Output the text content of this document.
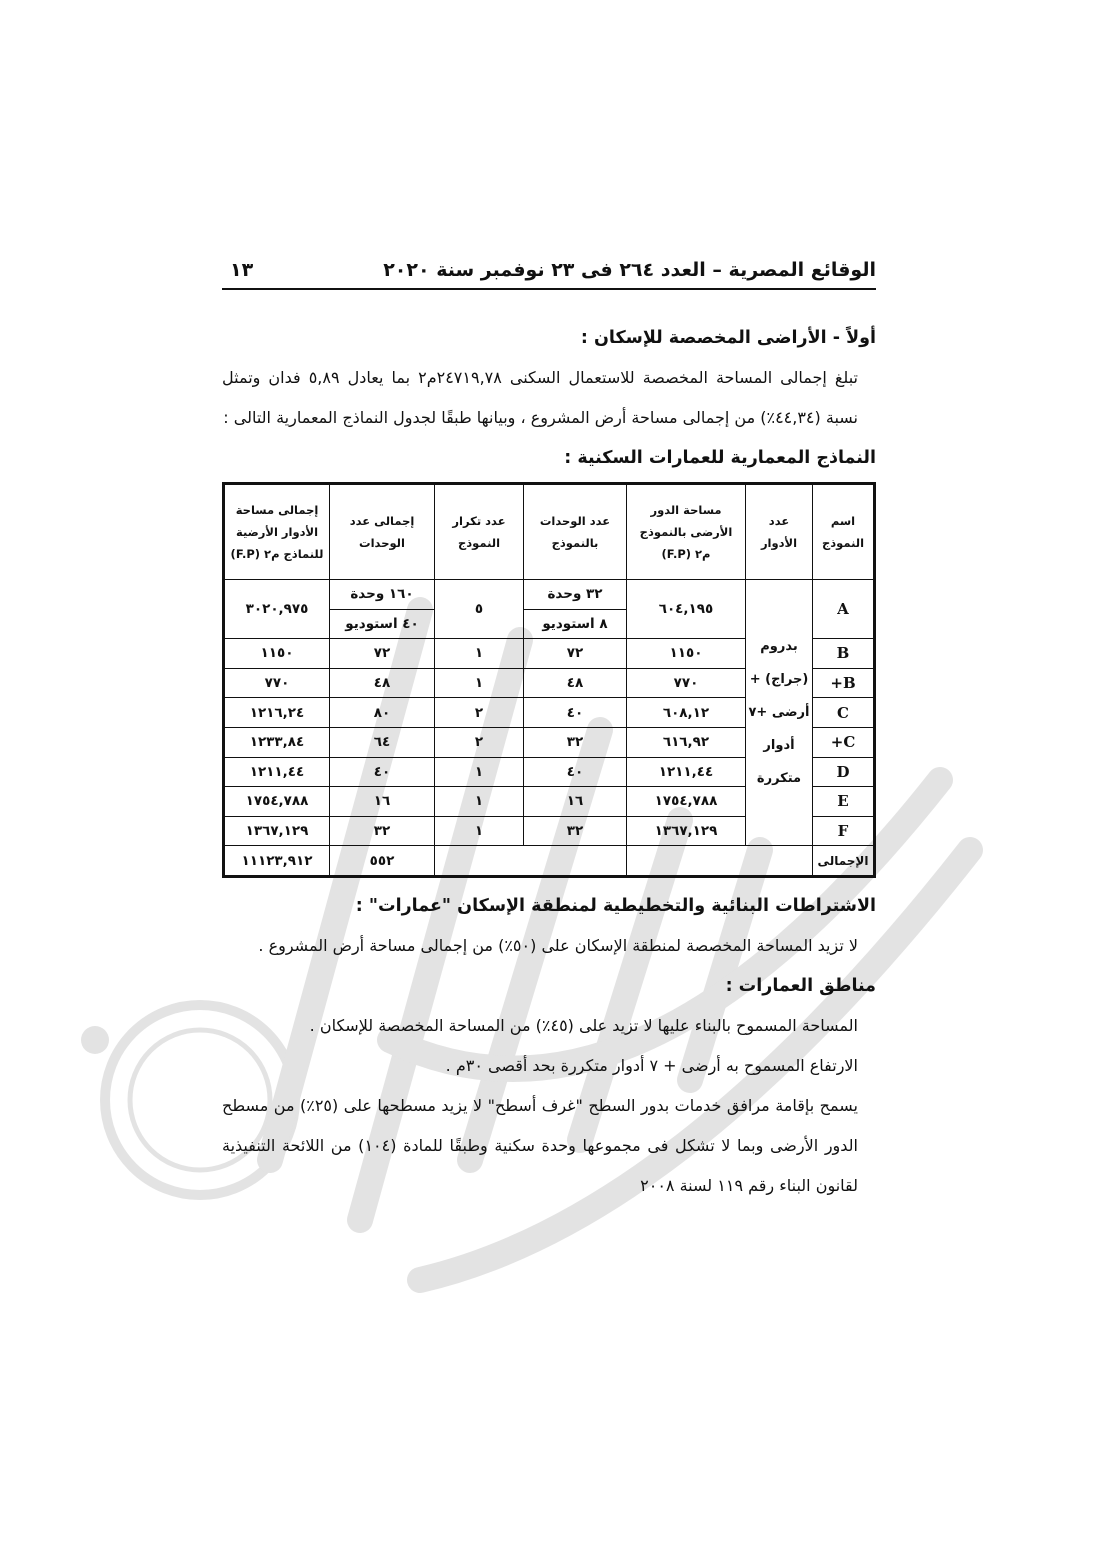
الوقائع المصرية – العدد ٢٦٤ فى ٢٣ نوفمبر سنة ٢٠٢٠
١٣

أولاً - الأراضى المخصصة للإسكان :

تبلغ إجمالى المساحة المخصصة للاستعمال السكنى ٢٤٧١٩,٧٨م٢ بما يعادل ٥,٨٩ فدان وتمثل نسبة (٤٤,٣٤٪) من إجمالى مساحة أرض المشروع ، وبيانها طبقًا لجدول النماذج المعمارية التالى :

النماذج المعمارية للعمارات السكنية :

اسم النموذج	عدد الأدوار	مساحة الدور الأرضى بالنموذج م٢ (F.P)	عدد الوحدات بالنموذج	عدد تكرار النموذج	إجمالى عدد الوحدات	إجمالى مساحة الأدوار الأرضية للنماذج م٢ (F.P)
A	بدروم (جراج) + أرضى +٧ أدوار متكررة	٦٠٤,١٩٥	٣٢ وحدة	٥	١٦٠ وحدة	٣٠٢٠,٩٧٥
			٨ استوديو		٤٠ استوديو	
B		١١٥٠	٧٢	١	٧٢	١١٥٠
B+		٧٧٠	٤٨	١	٤٨	٧٧٠
C		٦٠٨,١٢	٤٠	٢	٨٠	١٢١٦,٢٤
C+		٦١٦,٩٢	٣٢	٢	٦٤	١٢٣٣,٨٤
D		١٢١١,٤٤	٤٠	١	٤٠	١٢١١,٤٤
E		١٧٥٤,٧٨٨	١٦	١	١٦	١٧٥٤,٧٨٨
F		١٣٦٧,١٢٩	٣٢	١	٣٢	١٣٦٧,١٢٩
الإجمالى					٥٥٢	١١١٢٣,٩١٢

الاشتراطات البنائية والتخطيطية لمنطقة الإسكان "عمارات" :

لا تزيد المساحة المخصصة لمنطقة الإسكان على (٥٠٪) من إجمالى مساحة أرض المشروع .

مناطق العمارات :

المساحة المسموح بالبناء عليها لا تزيد على (٤٥٪) من المساحة المخصصة للإسكان .

الارتفاع المسموح به أرضى + ٧ أدوار متكررة بحد أقصى ٣٠م .

يسمح بإقامة مرافق خدمات بدور السطح "غرف أسطح" لا يزيد مسطحها على (٢٥٪) من مسطح الدور الأرضى وبما لا تشكل فى مجموعها وحدة سكنية وطبقًا للمادة (١٠٤) من اللائحة التنفيذية لقانون البناء رقم ١١٩ لسنة ٢٠٠٨
